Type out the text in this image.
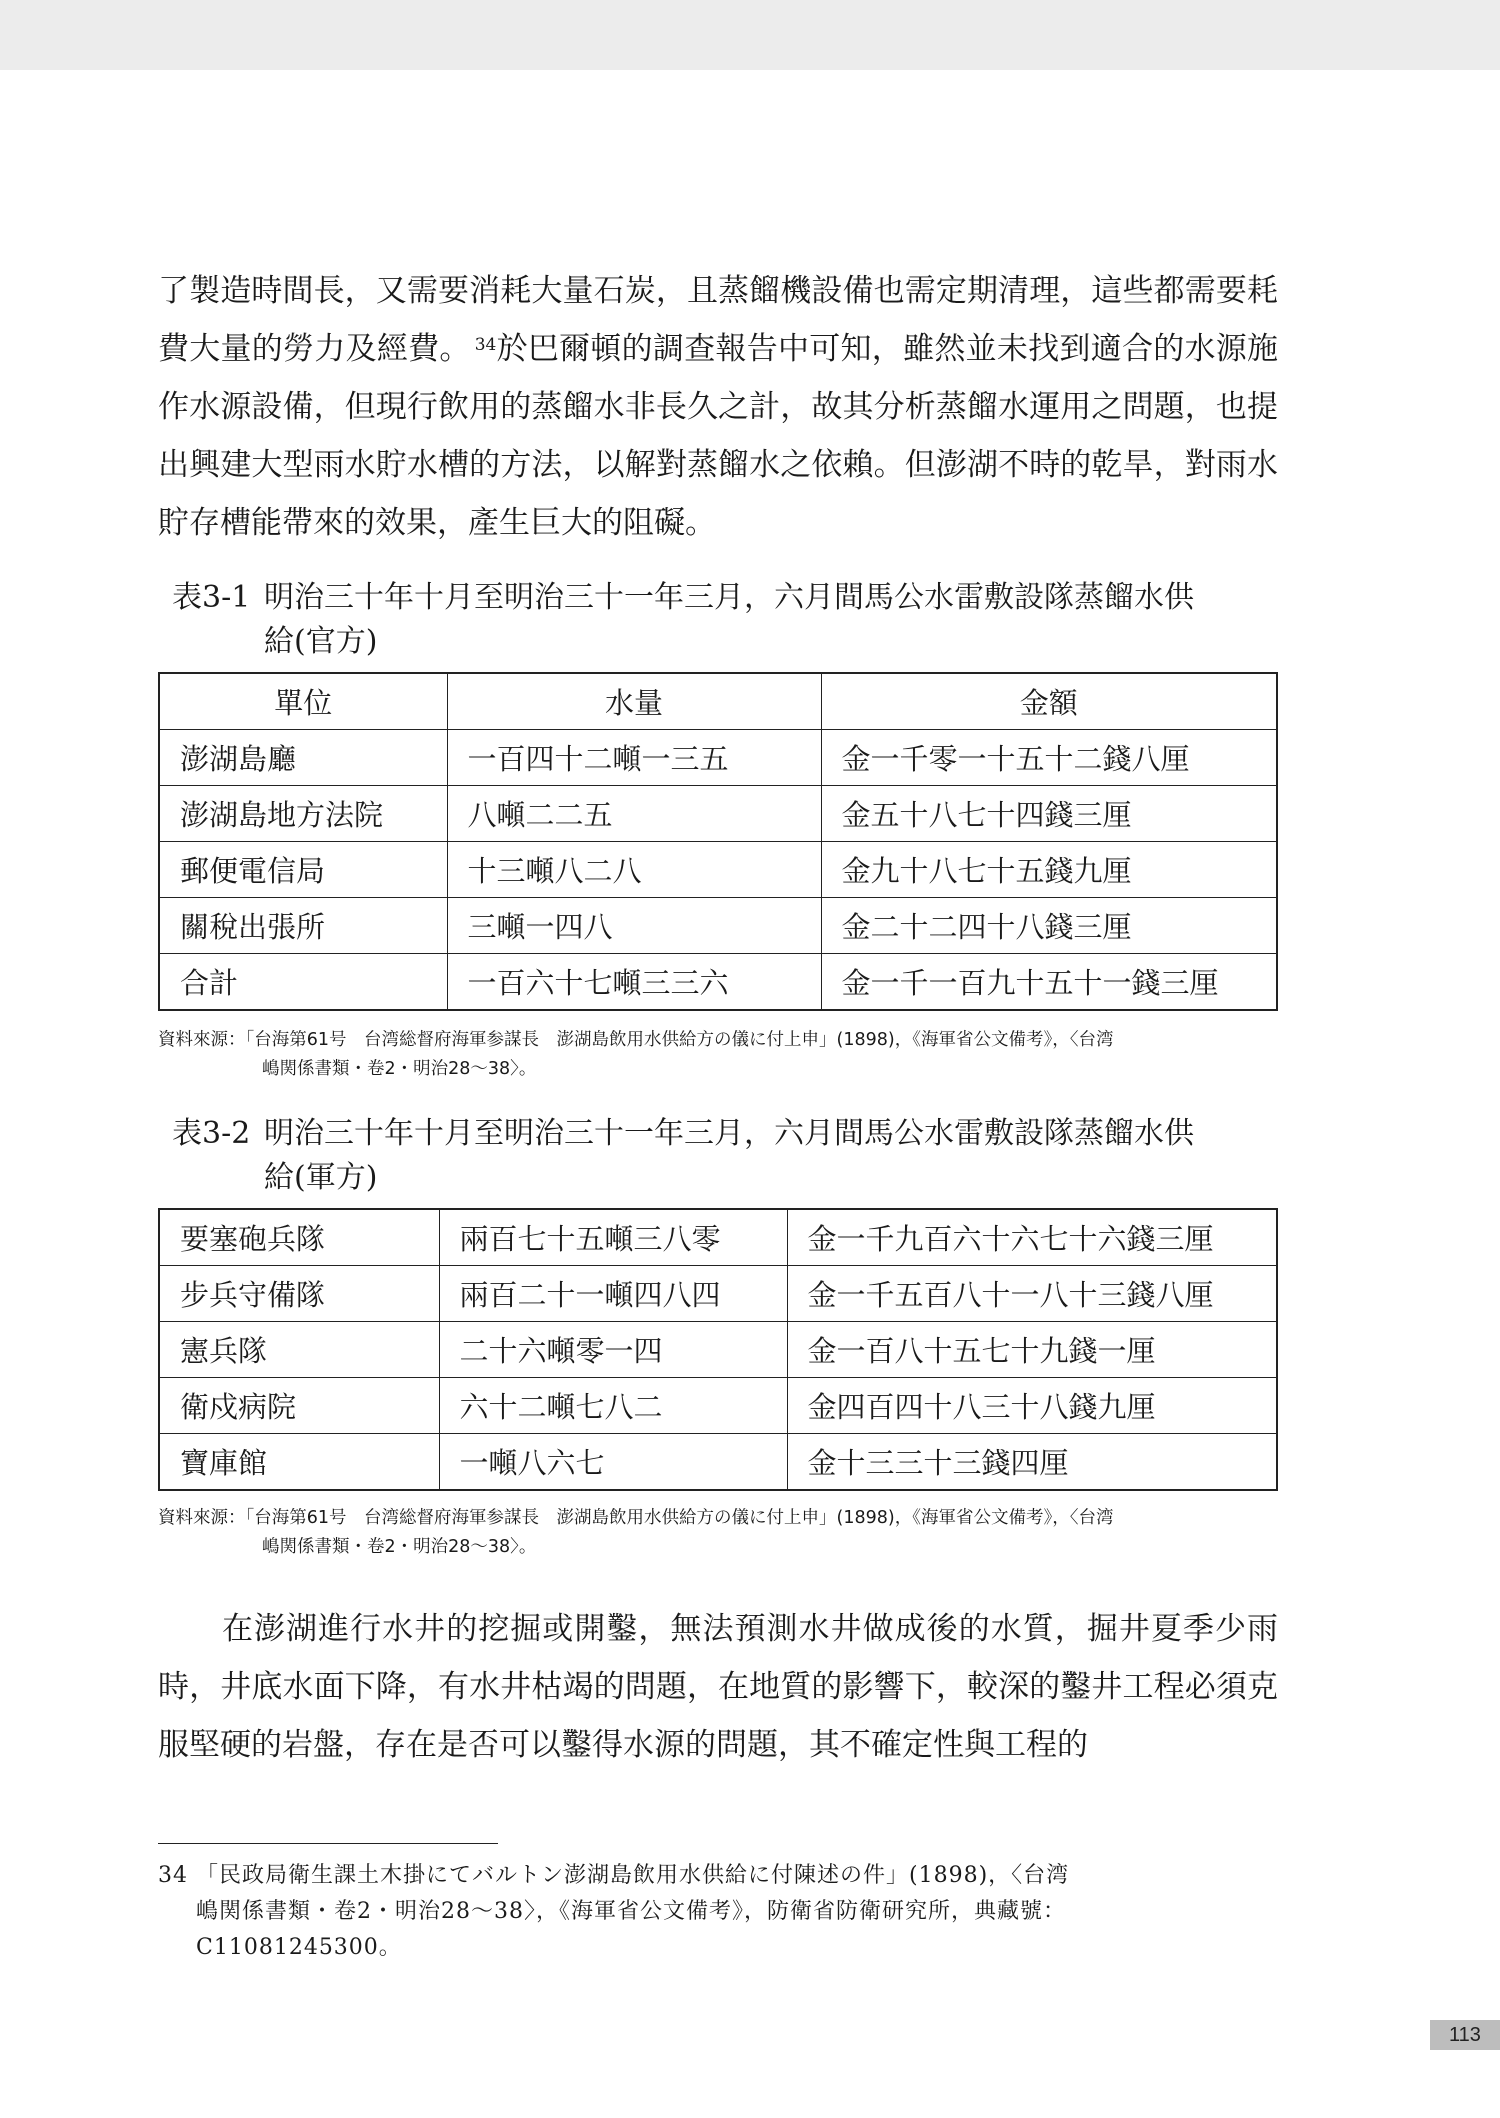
了製造時間長，又需要消耗大量石炭，且蒸餾機設備也需定期清理，這些都需要耗費大量的勞力及經費。 $^{34}$於巴爾頓的調查報告中可知，雖然並未找到適合的水源施作水源設備，但現行飲用的蒸餾水非長久之計，故其分析蒸餾水運用之問題，也提出興建大型雨水貯水槽的方法，以解對蒸餾水之依賴。但澎湖不時的乾旱，對雨水貯存槽能帶來的效果，產生巨大的阻礙。

表3-1 明治三十年十月至明治三十一年三月，六月間馬公水雷敷設隊蒸餾水供
給(官方)
單位	水量	金額
澎湖島廳	一百四十二噸一三五	金一千零一十五十二錢八厘
澎湖島地方法院	八噸二二五	金五十八七十四錢三厘
郵便電信局	十三噸八二八	金九十八七十五錢九厘
關稅出張所	三噸一四八	金二十二四十八錢三厘
合計	一百六十七噸三三六	金一千一百九十五十一錢三厘
資料來源：「台海第61号　台湾総督府海軍参謀長　澎湖島飲用水供給方の儀に付上申」(1898)，《海軍省公文備考》，〈台湾
嶋関係書類・卷2・明治28～38〉。
表3-2 明治三十年十月至明治三十一年三月，六月間馬公水雷敷設隊蒸餾水供
給(軍方)
要塞砲兵隊	兩百七十五噸三八零	金一千九百六十六七十六錢三厘
步兵守備隊	兩百二十一噸四八四	金一千五百八十一八十三錢八厘
憲兵隊	二十六噸零一四	金一百八十五七十九錢一厘
衛戍病院	六十二噸七八二	金四百四十八三十八錢九厘
寶庫館	一噸八六七	金十三三十三錢四厘
資料來源：「台海第61号　台湾総督府海軍参謀長　澎湖島飲用水供給方の儀に付上申」(1898)，《海軍省公文備考》，〈台湾
嶋関係書類・卷2・明治28～38〉。

在澎湖進行水井的挖掘或開鑿，無法預測水井做成後的水質，掘井夏季少雨時，井底水面下降，有水井枯竭的問題，在地質的影響下，較深的鑿井工程必須克服堅硬的岩盤，存在是否可以鑿得水源的問題，其不確定性與工程的

34 「民政局衛生課土木掛にてバルトン澎湖島飲用水供給に付陳述の件」(1898)，〈台湾
嶋関係書類・卷2・明治28～38〉，《海軍省公文備考》，防衛省防衛研究所，典藏號：
C11081245300。
113
